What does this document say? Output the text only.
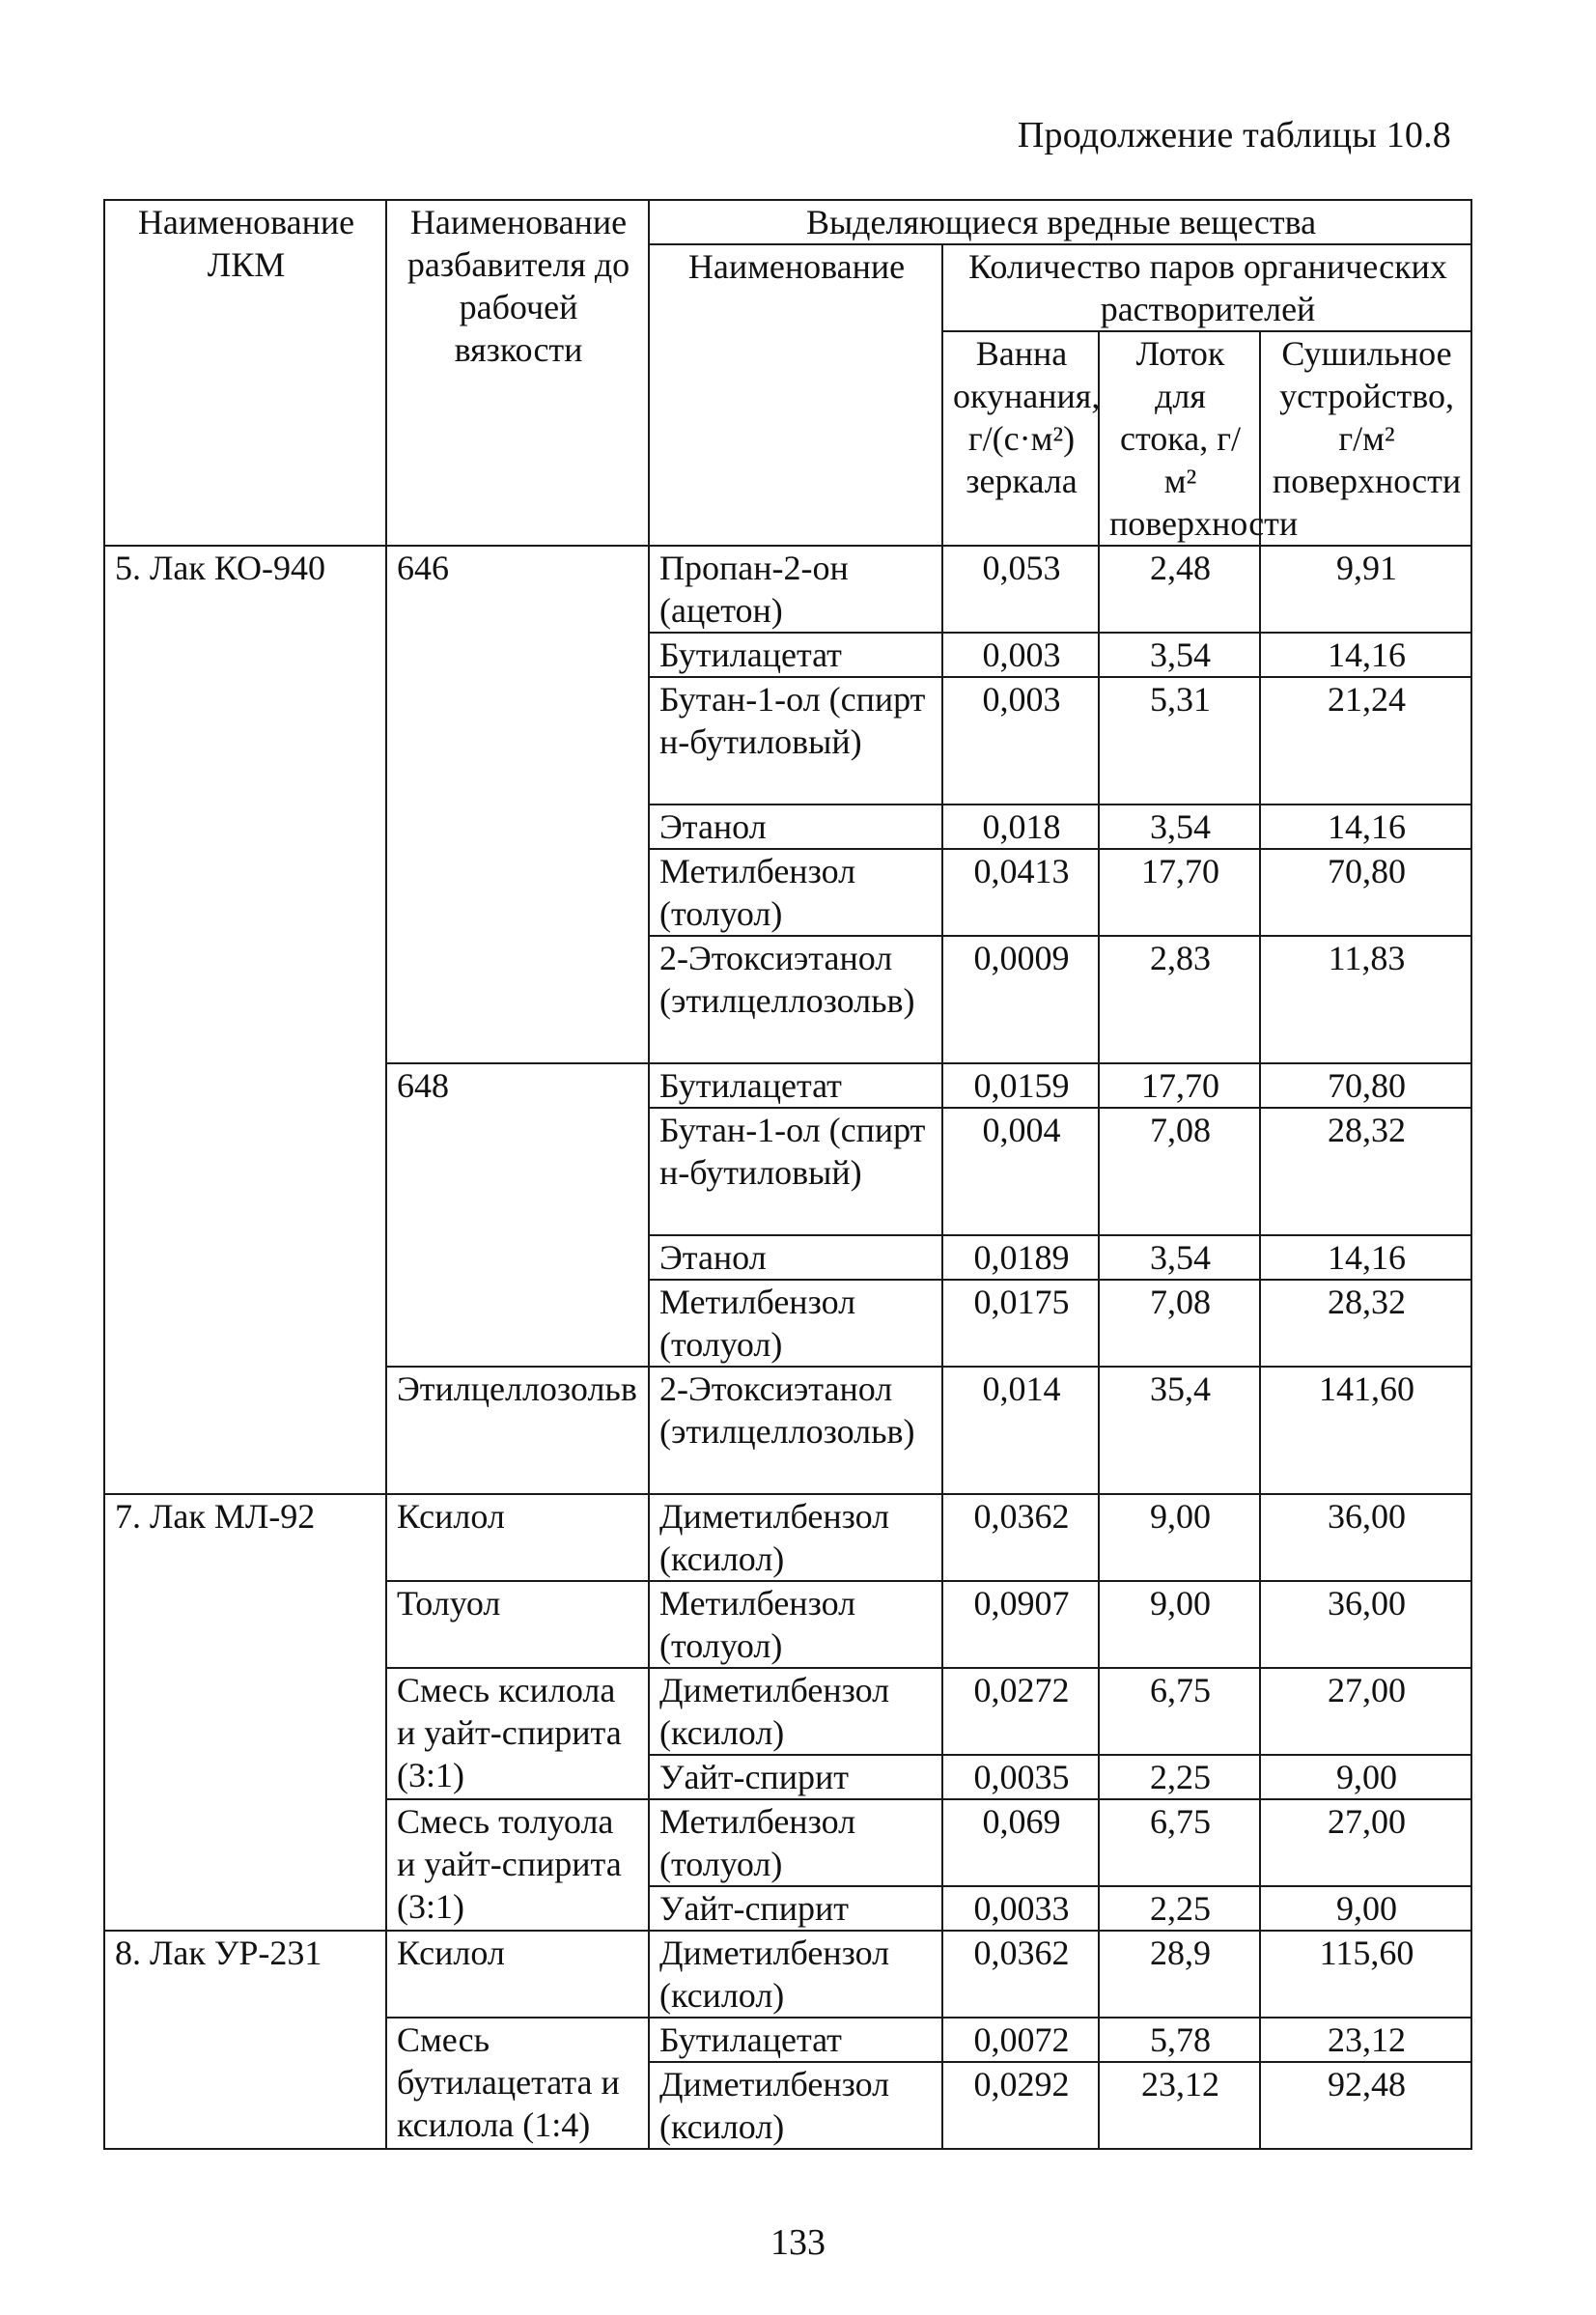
Продолжение таблицы 10.8
Наименование ЛКМ	Наименование разбавителя до рабочей вязкости	Выделяющиеся вредные вещества			
		Наименование	Количество паров органических растворителей		
			Ванна окунания, г/(с·м²) зеркала	Лоток для стока, г/м² поверхности	Сушильное устройство, г/м² поверхности
5. Лак КО-940	646	Пропан-2-он (ацетон)	0,053	2,48	9,91
		Бутилацетат	0,003	3,54	14,16
		Бутан-1-ол (спирт н-бутиловый)	0,003	5,31	21,24
		Этанол	0,018	3,54	14,16
		Метилбензол (толуол)	0,0413	17,70	70,80
		2-Этоксиэтанол (этилцеллозольв)	0,0009	2,83	11,83
	648	Бутилацетат	0,0159	17,70	70,80
		Бутан-1-ол (спирт н-бутиловый)	0,004	7,08	28,32
		Этанол	0,0189	3,54	14,16
		Метилбензол (толуол)	0,0175	7,08	28,32
	Этилцеллозольв	2-Этоксиэтанол (этилцеллозольв)	0,014	35,4	141,60
7. Лак МЛ-92	Ксилол	Диметилбензол (ксилол)	0,0362	9,00	36,00
	Толуол	Метилбензол (толуол)	0,0907	9,00	36,00
	Смесь ксилола и уайт-спирита (3:1)	Диметилбензол (ксилол)	0,0272	6,75	27,00
		Уайт-спирит	0,0035	2,25	9,00
	Смесь толуола и уайт-спирита (3:1)	Метилбензол (толуол)	0,069	6,75	27,00
		Уайт-спирит	0,0033	2,25	9,00
8. Лак УР-231	Ксилол	Диметилбензол (ксилол)	0,0362	28,9	115,60
	Смесь бутилацетата и ксилола (1:4)	Бутилацетат	0,0072	5,78	23,12
		Диметилбензол (ксилол)	0,0292	23,12	92,48
133
